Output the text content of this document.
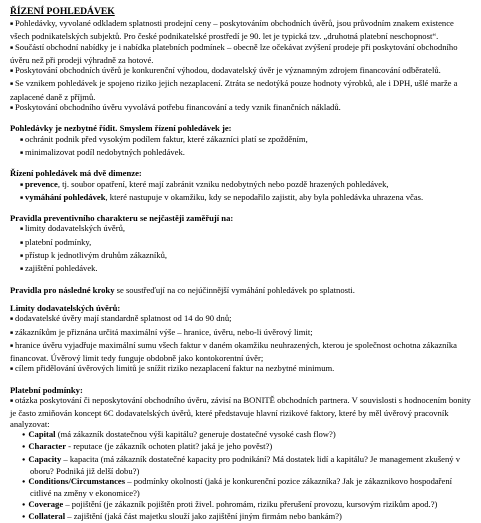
ŘÍZENÍ POHLEDÁVEK

■ Pohledávky, vyvolané odkladem splatnosti prodejní ceny – poskytováním obchodních úvěrů, jsou průvodním znakem existence všech podnikatelských subjektů. Pro české podnikatelské prostředí je 90. let je typická tzv. „druhotná platební neschopnost“.

■ Součástí obchodní nabídky je i nabídka platebních podmínek – obecně lze očekávat zvýšení prodeje při poskytování obchodního úvěru než při prodeji výhradně za hotové.

■ Poskytování obchodních úvěrů je konkurenční výhodou, dodavatelský úvěr je významným zdrojem financování odběratelů.

■ Se vznikem pohledávek je spojeno riziko jejich nezaplacení. Ztráta se nedotýká pouze hodnoty výrobků, ale i DPH, ušlé marže a zaplacené daně z příjmů.

■ Poskytování obchodního úvěru vyvolává potřebu financování a tedy vznik finančních nákladů.

Pohledávky je nezbytné řídit. Smyslem řízení pohledávek je:

■ ochránit podnik před vysokým podílem faktur, které zákazníci platí se zpožděním,

■ minimalizovat podíl nedobytných pohledávek.

Řízení pohledávek má dvě dimenze:

■ prevence, tj. soubor opatření, které mají zabránit vzniku nedobytných nebo pozdě hrazených pohledávek,

■ vymáhání pohledávek, které nastupuje v okamžiku, kdy se nepodařilo zajistit, aby byla pohledávka uhrazena včas.

Pravidla preventivního charakteru se nejčastěji zaměřují na:

■ limity dodavatelských úvěrů,

■ platební podmínky,

■ přístup k jednotlivým druhům zákazníků,

■ zajištění pohledávek.

Pravidla pro následné kroky se soustřeďují na co nejúčinnější vymáhání pohledávek po splatnosti.

Limity dodavatelských úvěrů:

■ dodavatelské úvěry mají standardně splatnost od 14 do 90 dnů;

■ zákazníkům je přiznána určitá maximální výše – hranice, úvěru, nebo-li úvěrový limit;

■ hranice úvěru vyjadřuje maximální sumu všech faktur v daném okamžiku neuhrazených, kterou je společnost ochotna zákazníka financovat. Úvěrový limit tedy funguje obdobně jako kontokorentní úvěr;

■ cílem přidělování úvěrových limitů je snížit riziko nezaplacení faktur na nezbytné minimum.

Platební podmínky:

■ otázka poskytování či neposkytování obchodního úvěru, závisí na BONITĚ obchodních partnera. V souvislosti s hodnocením bonity je často zmiňován koncept 6C dodavatelských úvěrů, které představuje hlavní rizikové faktory, které by měl úvěrový pracovník analyzovat:

● Capital (má zákazník dostatečnou výši kapitálu? generuje dostatečné vysoké cash flow?)

● Character - reputace (je zákazník ochoten platit? jaká je jeho pověst?)

● Capacity – kapacita (má zákazník dostatečné kapacity pro podnikání? Má dostatek lidí a kapitálu? Je management zkušený v oboru? Podniká již delší dobu?)

● Conditions/Circumstances – podmínky okolností (jaká je konkurenční pozice zákazníka? Jak je zákaznikovo hospodaření citlivé na změny v ekonomice?)

● Coverage – pojištění (je zákazník pojištěn proti živel. pohromám, riziku přerušení provozu, kursovým rizikům apod.?)

● Collateral – zajištění (jaká část majetku slouží jako zajištění jiným firmám nebo bankám?)
